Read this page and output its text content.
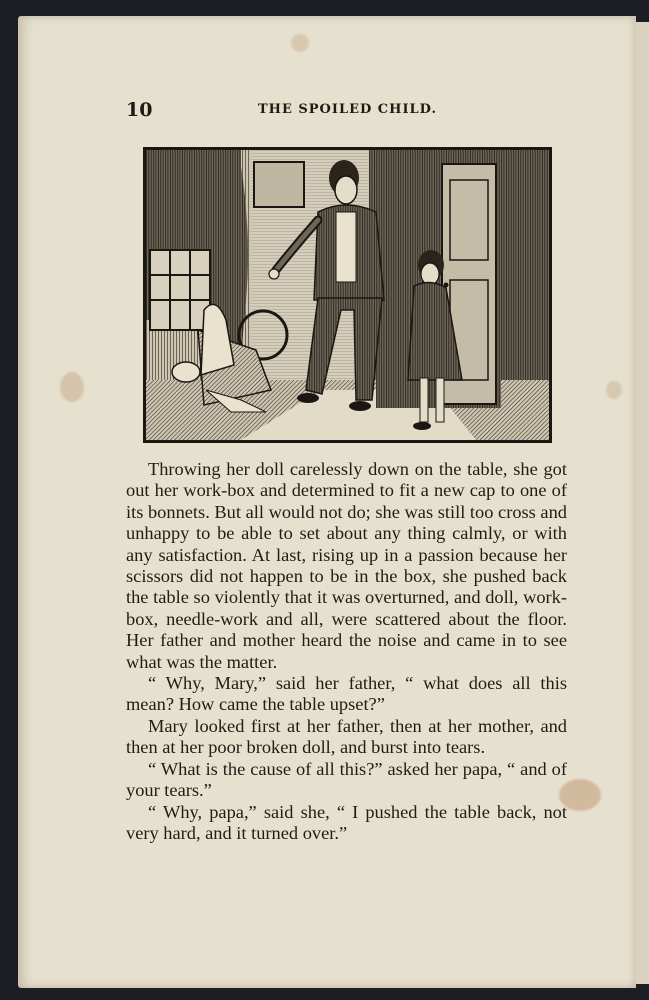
10	THE SPOILED CHILD.

Throwing her doll carelessly down on the table, she got out her work-box and determined to fit a new cap to one of its bonnets. But all would not do; she was still too cross and unhappy to be able to set about any thing calmly, or with any satisfaction. At last, rising up in a passion because her scissors did not happen to be in the box, she pushed back the table so violently that it was overturned, and doll, work-box, needle-work and all, were scattered about the floor. Her father and mother heard the noise and came in to see what was the matter.

“ Why, Mary,” said her father, “ what does all this mean? How came the table upset?”

Mary looked first at her father, then at her mother, and then at her poor broken doll, and burst into tears.

“ What is the cause of all this?” asked her papa, “ and of your tears.”

“ Why, papa,” said she, “ I pushed the table back, not very hard, and it turned over.”
